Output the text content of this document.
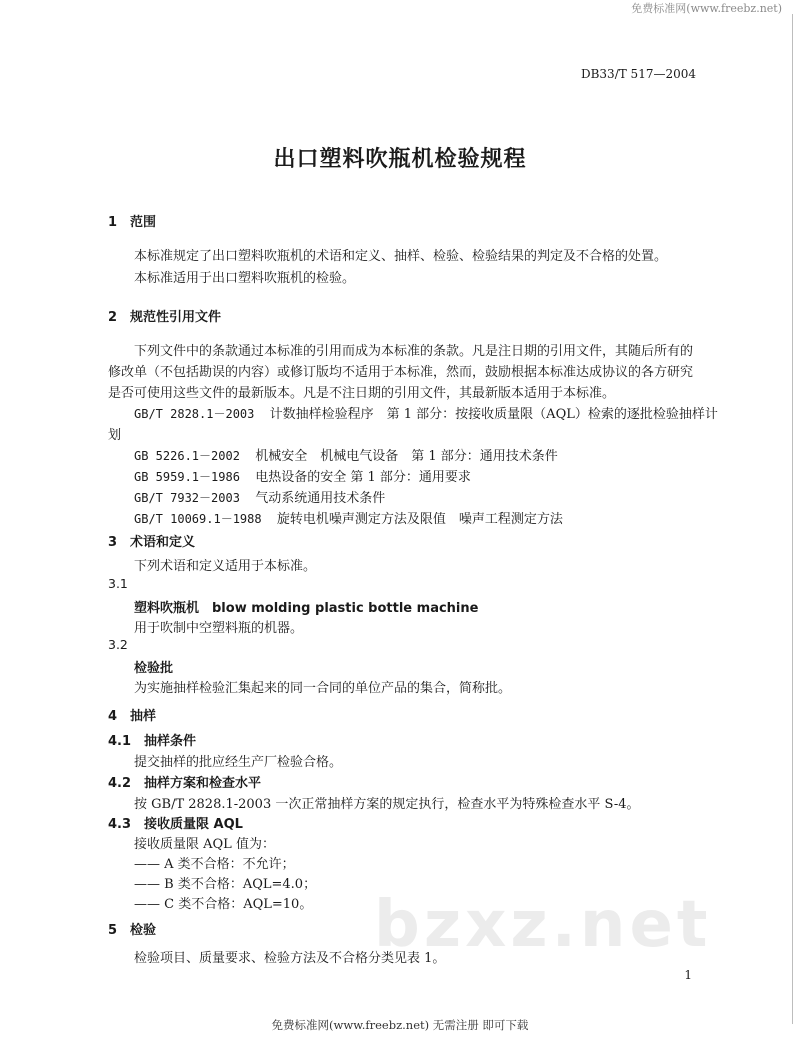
免费标准网(www.freebz.net)
DB33/T 517—2004
出口塑料吹瓶机检验规程
1　范围
本标准规定了出口塑料吹瓶机的术语和定义、抽样、检验、检验结果的判定及不合格的处置。
本标准适用于出口塑料吹瓶机的检验。
2　规范性引用文件
下列文件中的条款通过本标准的引用而成为本标准的条款。凡是注日期的引用文件，其随后所有的
修改单（不包括勘误的内容）或修订版均不适用于本标准，然而，鼓励根据本标准达成协议的各方研究
是否可使用这些文件的最新版本。凡是不注日期的引用文件，其最新版本适用于本标准。
GB/T 2828.1－2003 计数抽样检验程序　第 1 部分：按接收质量限（AQL）检索的逐批检验抽样计
划
GB 5226.1－2002 机械安全　机械电气设备　第 1 部分：通用技术条件
GB 5959.1－1986 电热设备的安全 第 1 部分：通用要求
GB/T 7932－2003 气动系统通用技术条件
GB/T 10069.1－1988 旋转电机噪声测定方法及限值　噪声工程测定方法
3　术语和定义
下列术语和定义适用于本标准。
3.1
塑料吹瓶机　blow molding plastic bottle machine
用于吹制中空塑料瓶的机器。
3.2
检验批
为实施抽样检验汇集起来的同一合同的单位产品的集合，简称批。
4　抽样
4.1　抽样条件
提交抽样的批应经生产厂检验合格。
4.2　抽样方案和检查水平
按 GB/T 2828.1-2003 一次正常抽样方案的规定执行，检查水平为特殊检查水平 S-4。
4.3　接收质量限 AQL
接收质量限 AQL 值为：
—— A 类不合格：不允许；
—— B 类不合格：AQL=4.0；
—— C 类不合格：AQL=10。 bzxz.net
5　检验
检验项目、质量要求、检验方法及不合格分类见表 1。
1
免费标准网(www.freebz.net) 无需注册 即可下载
